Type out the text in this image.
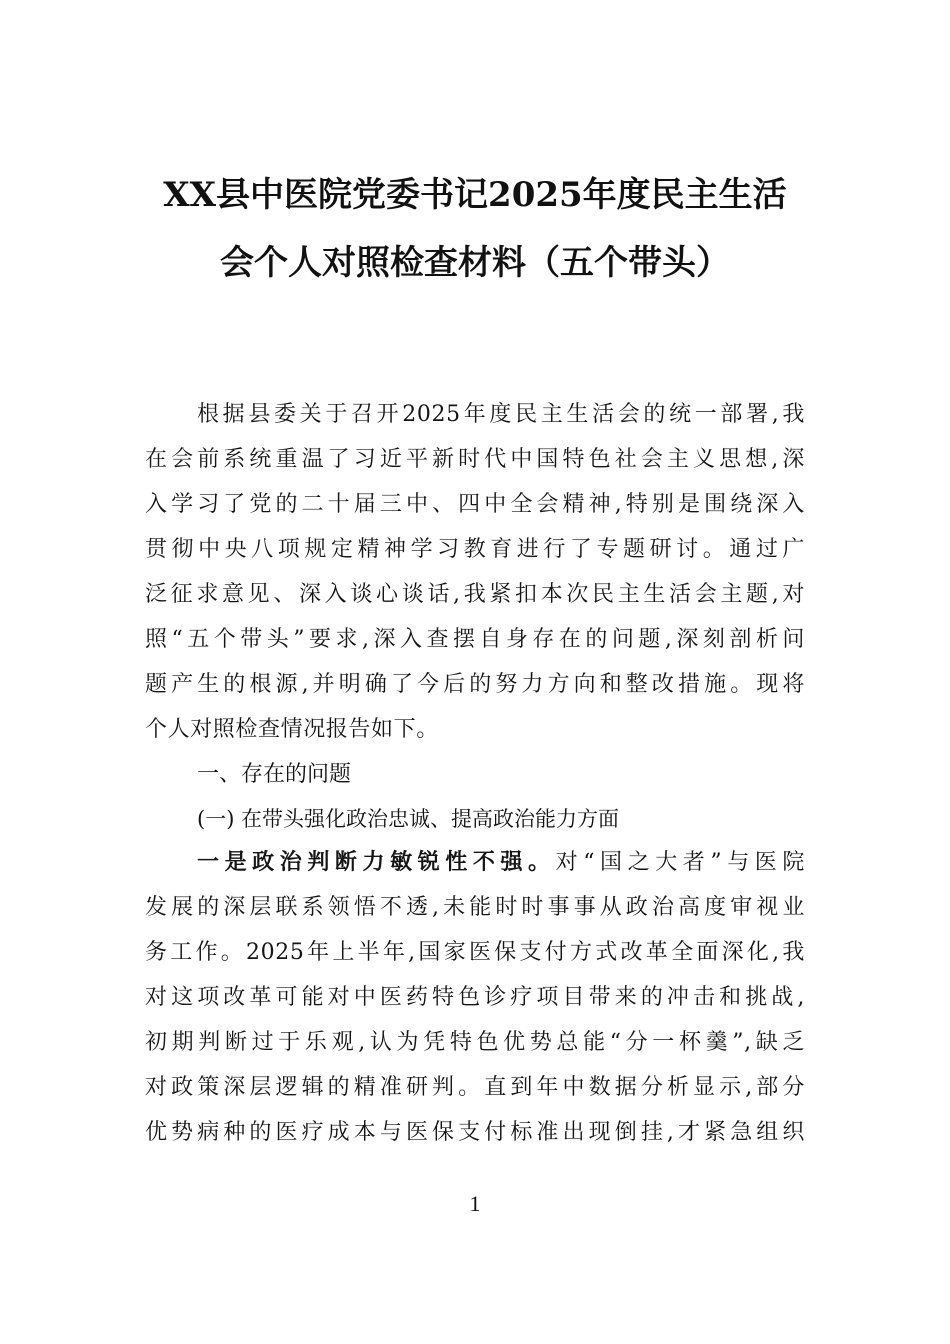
XX县中医院党委书记2025年度民主生活
会个人对照检查材料（五个带头）
根据县委关于召开2025年度民主生活会的统一部署,我
在会前系统重温了习近平新时代中国特色社会主义思想,深
入学习了党的二十届三中、四中全会精神,特别是围绕深入
贯彻中央八项规定精神学习教育进行了专题研讨。通过广
泛征求意见、深入谈心谈话,我紧扣本次民主生活会主题,对
照“五个带头”要求,深入查摆自身存在的问题,深刻剖析问
题产生的根源,并明确了今后的努力方向和整改措施。现将
个人对照检查情况报告如下。
一、存在的问题
(一) 在带头强化政治忠诚、提高政治能力方面
一是政治判断力敏锐性不强。对“国之大者”与医院
发展的深层联系领悟不透,未能时时事事从政治高度审视业
务工作。2025年上半年,国家医保支付方式改革全面深化,我
对这项改革可能对中医药特色诊疗项目带来的冲击和挑战,
初期判断过于乐观,认为凭特色优势总能“分一杯羹”,缺乏
对政策深层逻辑的精准研判。直到年中数据分析显示,部分
优势病种的医疗成本与医保支付标准出现倒挂,才紧急组织
1
